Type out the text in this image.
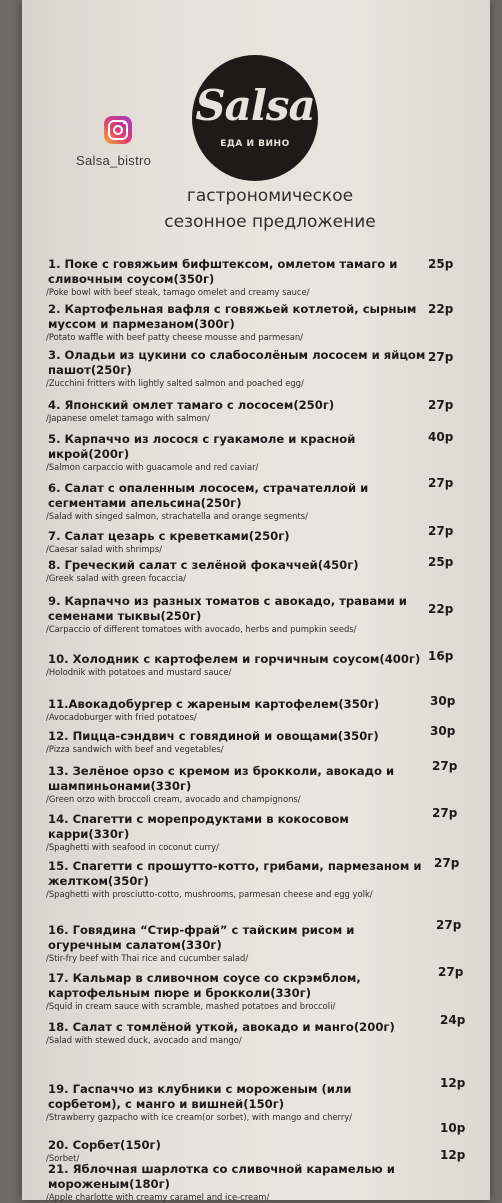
Salsa
ЕДА И ВИНО
Salsa_bistro
гастрономическое
сезонное предложение
1. Поке с говяжьим бифштексом, омлетом тамаго и сливочным соусом(350г)
/Poke bowl with beef steak, tamago omelet and creamy sauce/
25р
2. Картофельная вафля с говяжьей котлетой, сырным муссом и пармезаном(300г)
/Potato waffle with beef patty cheese mousse and parmesan/
22р
3. Оладьи из цукини со слабосолёным лососем и яйцом пашот(250г)
/Zucchini fritters with lightly salted salmon and poached egg/
27р
4. Японский омлет тамаго с лососем(250г)
/Japanese omelet tamago with salmon/
27р
5. Карпаччо из лосося с гуакамоле и красной икрой(200г)
/Salmon carpaccio with guacamole and red caviar/
40р
6. Салат с опаленным лососем, страчателлой и сегментами апельсина(250г)
/Salad with singed salmon, strachatella and orange segments/
27р
7. Салат цезарь с креветками(250г)
/Caesar salad with shrimps/
27р
8. Греческий салат с зелёной фокаччей(450г)
/Greek salad with green focaccia/
25р
9. Карпаччо из разных томатов с авокадо, травами и семенами тыквы(250г)
/Carpaccio of different tomatoes with avocado, herbs and pumpkin seeds/
22р
10. Холодник с картофелем и горчичным соусом(400г)
/Holodnik with potatoes and mustard sauce/
16р
11.Авокадобургер с жареным картофелем(350г)
/Avocadoburger with fried potatoes/
30р
12. Пицца-сэндвич с говядиной и овощами(350г)
/Pizza sandwich with beef and vegetables/
30р
13. Зелёное орзо с кремом из брокколи, авокадо и шампиньонами(330г)
/Green orzo with broccoli cream, avocado and champignons/
27р
14. Спагетти с морепродуктами в кокосовом карри(330г)
/Spaghetti with seafood in coconut curry/
27р
15. Спагетти с прошутто-котто, грибами, пармезаном и желтком(350г)
/Spaghetti with prosciutto-cotto, mushrooms, parmesan cheese and egg yolk/
27р
16. Говядина “Стир-фрай” с тайским рисом и огуречным салатом(330г)
/Stir-fry beef with Thai rice and cucumber salad/
27р
17. Кальмар в сливочном соусе со скрэмблом, картофельным пюре и брокколи(330г)
/Squid in cream sauce with scramble, mashed potatoes and broccoli/
27р
18. Салат с томлёной уткой, авокадо и манго(200г)
/Salad with stewed duck, avocado and mango/
24р
19. Гаспаччо из клубники с мороженым (или сорбетом), с манго и вишней(150г)
/Strawberry gazpacho with ice cream(or sorbet), with mango and cherry/
12р
20. Сорбет(150г)
/Sorbet/
10р
21. Яблочная шарлотка со сливочной карамелью и мороженым(180г)
/Apple charlotte with creamy caramel and ice-cream/
12р
